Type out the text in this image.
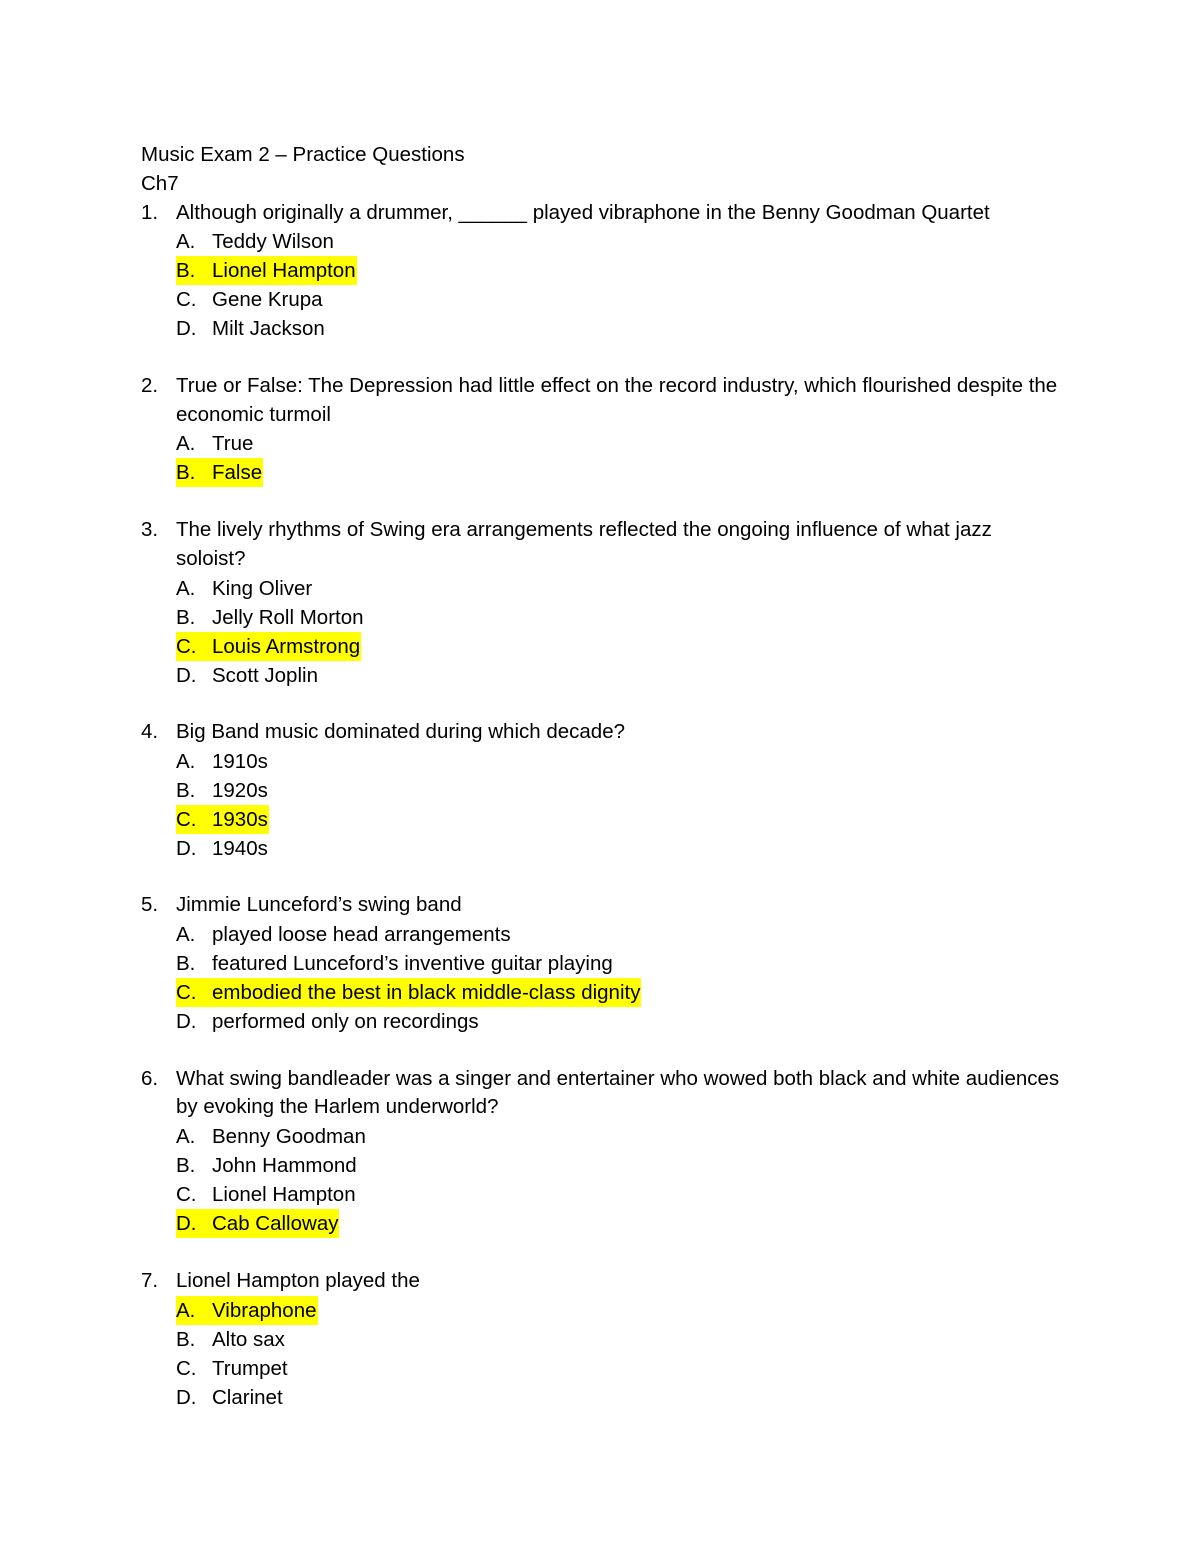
Music Exam 2 – Practice Questions
Ch7
1. Although originally a drummer, ______ played vibraphone in the Benny Goodman Quartet
A. Teddy Wilson
B. Lionel Hampton
C. Gene Krupa
D. Milt Jackson
2. True or False: The Depression had little effect on the record industry, which flourished despite the economic turmoil
A. True
B. False
3. The lively rhythms of Swing era arrangements reflected the ongoing influence of what jazz soloist?
A. King Oliver
B. Jelly Roll Morton
C. Louis Armstrong
D. Scott Joplin
4. Big Band music dominated during which decade?
A. 1910s
B. 1920s
C. 1930s
D. 1940s
5. Jimmie Lunceford’s swing band
A. played loose head arrangements
B. featured Lunceford’s inventive guitar playing
C. embodied the best in black middle-class dignity
D. performed only on recordings
6. What swing bandleader was a singer and entertainer who wowed both black and white audiences by evoking the Harlem underworld?
A. Benny Goodman
B. John Hammond
C. Lionel Hampton
D. Cab Calloway
7. Lionel Hampton played the
A. Vibraphone
B. Alto sax
C. Trumpet
D. Clarinet
